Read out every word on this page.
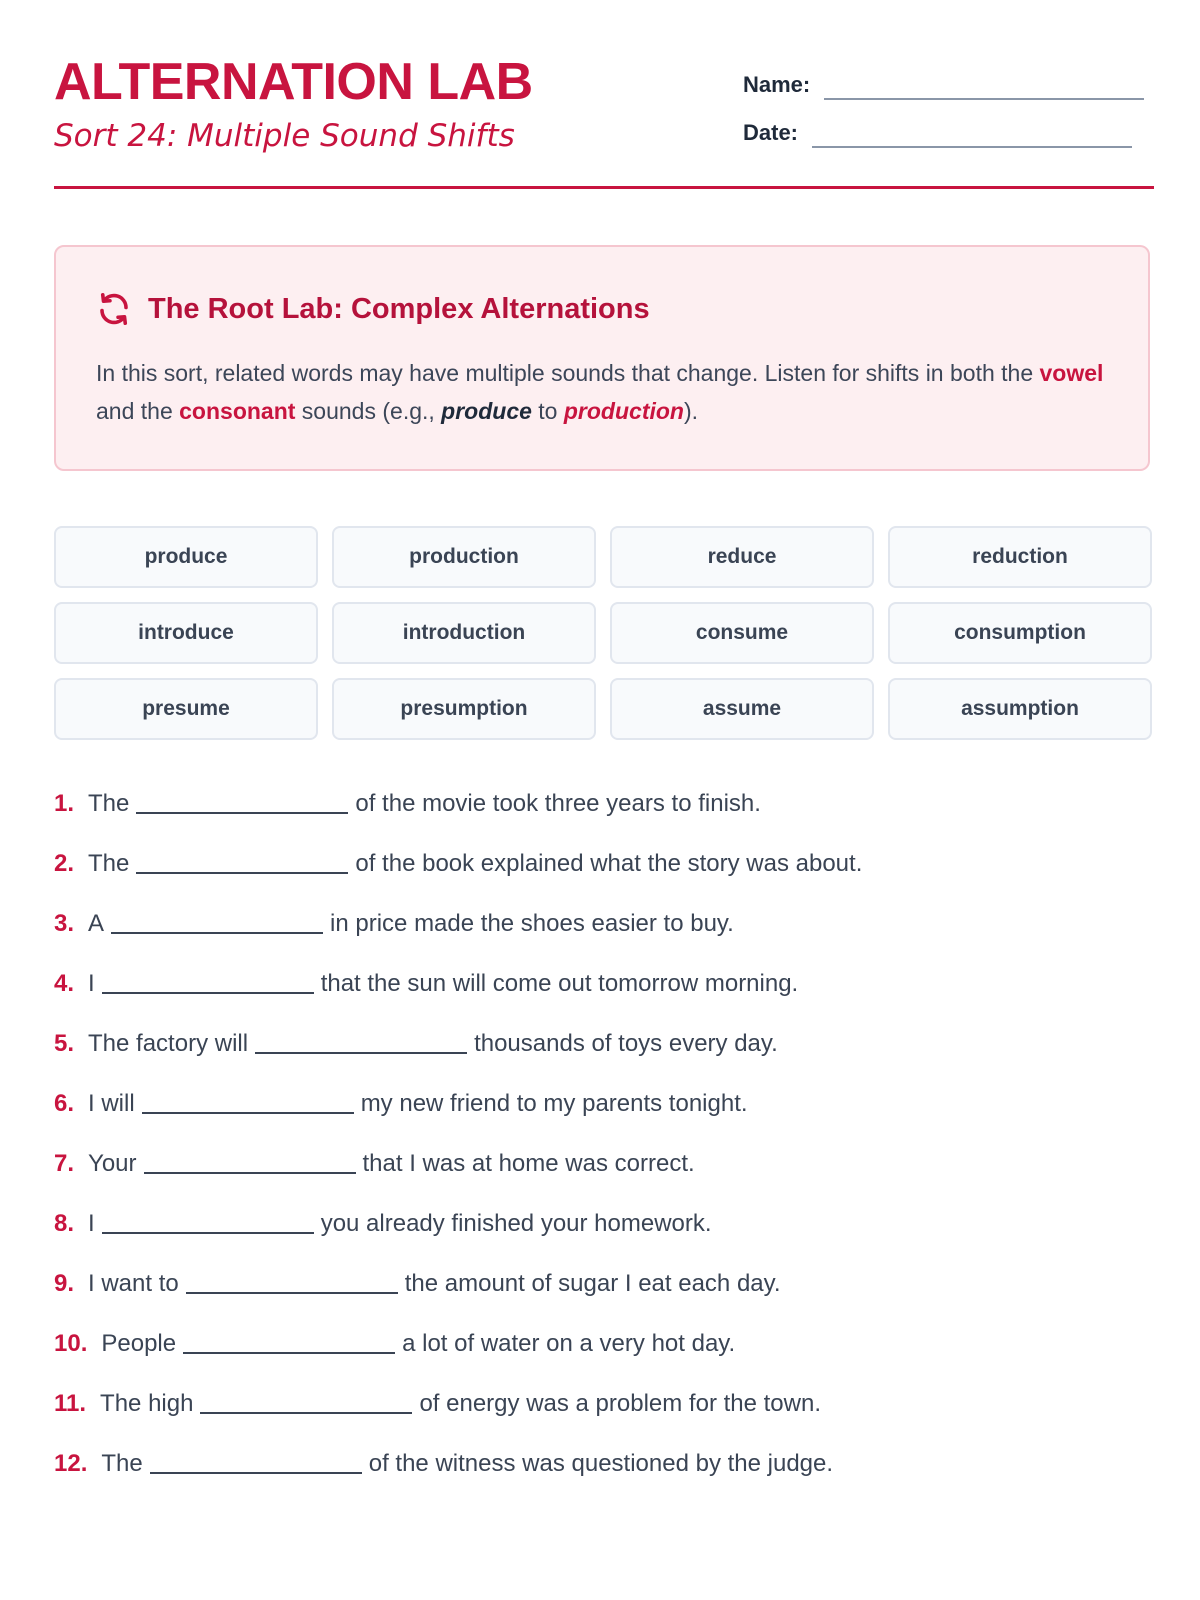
ALTERNATION LAB
Sort 24: Multiple Sound Shifts
Name:
Date:
The Root Lab: Complex Alternations

In this sort, related words may have multiple sounds that change. Listen for shifts in both the vowel and the consonant sounds (e.g., produce to production).

produce	production	reduce	reduction
introduce	introduction	consume	consumption
presume	presumption	assume	assumption
1. The	of the movie took three years to finish.
2. The	of the book explained what the story was about.
3. A	in price made the shoes easier to buy.
4. I	that the sun will come out tomorrow morning.
5. The factory will	thousands of toys every day.
6. I will	my new friend to my parents tonight.
7. Your	that I was at home was correct.
8. I	you already finished your homework.
9. I want to	the amount of sugar I eat each day.
10. People	a lot of water on a very hot day.
11. The high	of energy was a problem for the town.
12. The	of the witness was questioned by the judge.
